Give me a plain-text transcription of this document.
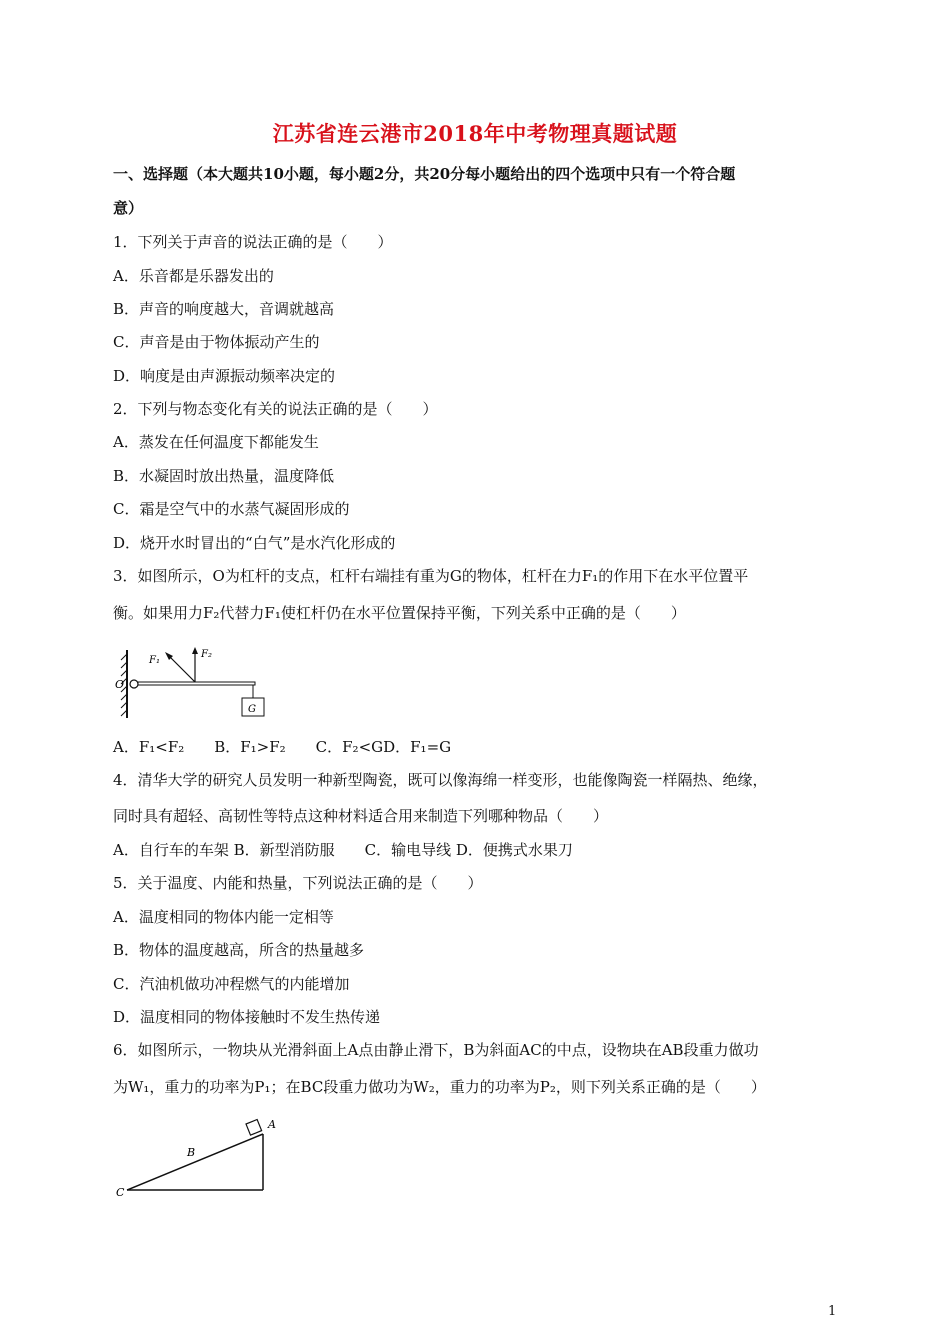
江苏省连云港市2018年中考物理真题试题
一、选择题（本大题共10小题，每小题2分，共20分每小题给出的四个选项中只有一个符合题
意）
1．下列关于声音的说法正确的是（　　）
A．乐音都是乐器发出的
B．声音的响度越大，音调就越高
C．声音是由于物体振动产生的
D．响度是由声源振动频率决定的
2．下列与物态变化有关的说法正确的是（　　）
A．蒸发在任何温度下都能发生
B．水凝固时放出热量，温度降低
C．霜是空气中的水蒸气凝固形成的
D．烧开水时冒出的“白气”是水汽化形成的
3．如图所示，O为杠杆的支点，杠杆右端挂有重为G的物体，杠杆在力F₁的作用下在水平位置平
衡。如果用力F₂代替力F₁使杠杆仍在水平位置保持平衡，下列关系中正确的是（　　）
G
F₁
F₂
O
A．F₁<F₂　　B．F₁>F₂　　C．F₂<GD．F₁=G
4．清华大学的研究人员发明一种新型陶瓷，既可以像海绵一样变形，也能像陶瓷一样隔热、绝缘，
同时具有超轻、高韧性等特点这种材料适合用来制造下列哪种物品（　　）
A．自行车的车架 B．新型消防服　　C．输电导线 D．便携式水果刀
5．关于温度、内能和热量，下列说法正确的是（　　）
A．温度相同的物体内能一定相等
B．物体的温度越高，所含的热量越多
C．汽油机做功冲程燃气的内能增加
D．温度相同的物体接触时不发生热传递
6．如图所示，一物块从光滑斜面上A点由静止滑下，B为斜面AC的中点，设物块在AB段重力做功
为W₁，重力的功率为P₁；在BC段重力做功为W₂，重力的功率为P₂，则下列关系正确的是（　　）
A
B
C
1
